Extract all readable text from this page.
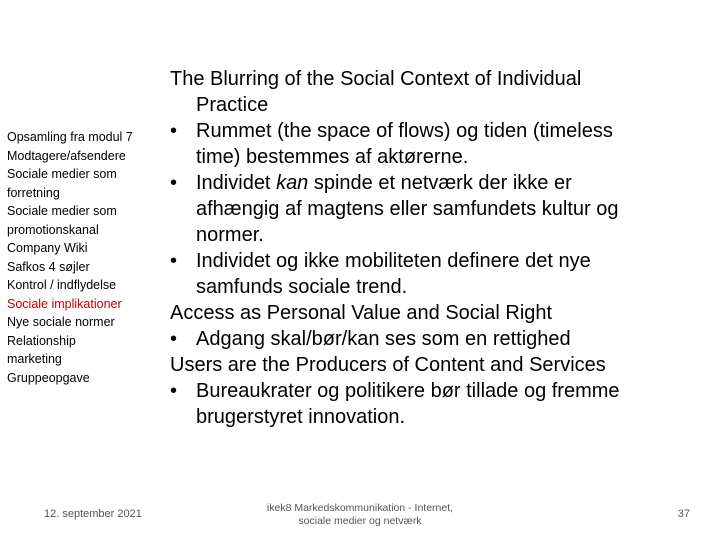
Opsamling fra modul 7
Modtagere/afsendere
Sociale medier som
forretning
Sociale medier som
promotionskanal
Company Wiki
Safkos 4 søjler
Kontrol / indflydelse
Sociale implikationer
Nye sociale normer
Relationship
marketing
Gruppeopgave
The Blurring of the Social Context of Individual
Practice
• Rummet (the space of flows) og tiden (timeless
time) bestemmes af aktørerne.
• Individet kan spinde et netværk der ikke er
afhængig af magtens eller samfundets kultur og
normer.
• Individet og ikke mobiliteten definere det nye
samfunds sociale trend.
Access as Personal Value and Social Right
• Adgang skal/bør/kan ses som en rettighed
Users are the Producers of Content and Services
• Bureaukrater og politikere bør tillade og fremme
brugerstyret innovation.
12. september 2021	ikek8 Markedskommunikation - Internet,
sociale medier og netværk
37
